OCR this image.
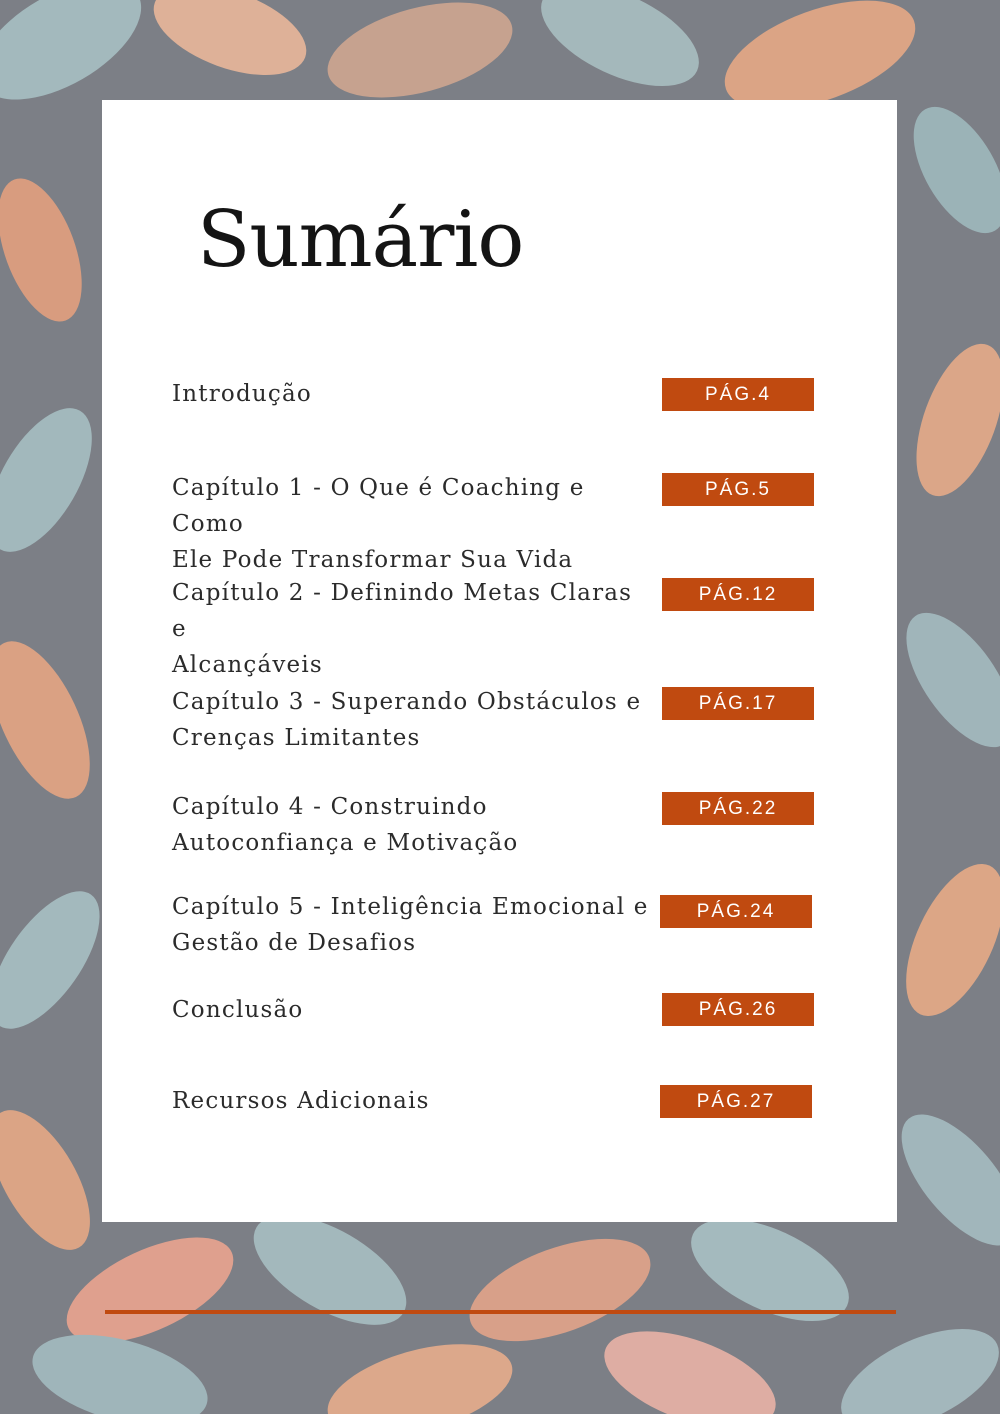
Sumário
Introdução	PÁG.4
Capítulo 1 - O Que é Coaching e Como
Ele Pode Transformar Sua Vida
PÁG.5
Capítulo 2 - Definindo Metas Claras e
Alcançáveis
PÁG.12
Capítulo 3 - Superando Obstáculos e
Crenças Limitantes
PÁG.17
Capítulo 4 - Construindo
Autoconfiança e Motivação
PÁG.22
Capítulo 5 - Inteligência Emocional e
Gestão de Desafios
PÁG.24
Conclusão	PÁG.26
Recursos Adicionais	PÁG.27
